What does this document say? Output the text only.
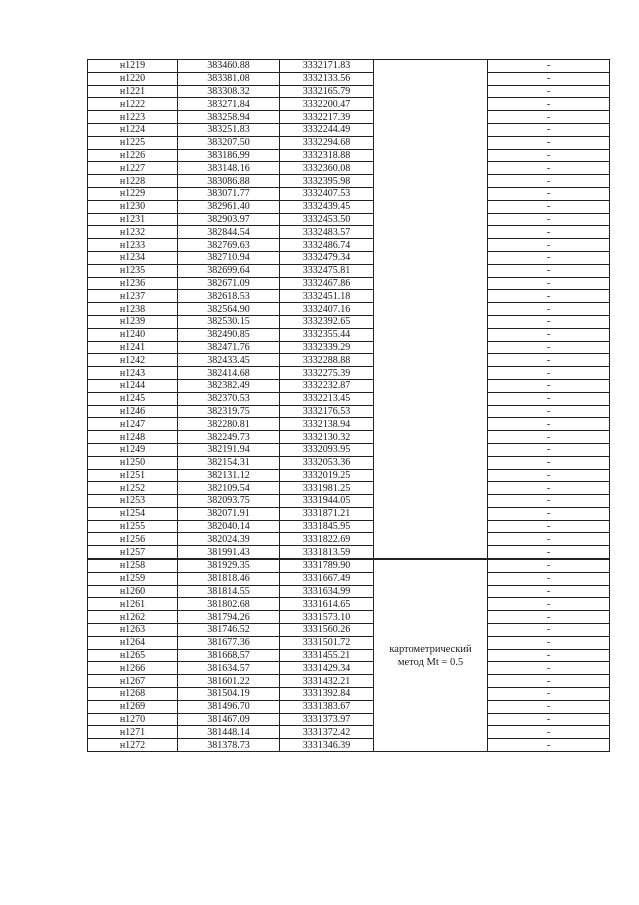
н1219	383460.88	3332171.83		-
н1220	383381.08	3332133.56		-
н1221	383308.32	3332165.79		-
н1222	383271.84	3332200.47		-
н1223	383258.94	3332217.39		-
н1224	383251.83	3332244.49		-
н1225	383207.50	3332294.68		-
н1226	383186.99	3332318.88		-
н1227	383148.16	3332360.08		-
н1228	383086.88	3332395.98		-
н1229	383071.77	3332407.53		-
н1230	382961.40	3332439.45		-
н1231	382903.97	3332453.50		-
н1232	382844.54	3332483.57		-
н1233	382769.63	3332486.74		-
н1234	382710.94	3332479.34		-
н1235	382699.64	3332475.81		-
н1236	382671.09	3332467.86		-
н1237	382618.53	3332451.18		-
н1238	382564.90	3332407.16		-
н1239	382530.15	3332392.65		-
н1240	382490.85	3332355.44		-
н1241	382471.76	3332339.29		-
н1242	382433.45	3332288.88		-
н1243	382414.68	3332275.39		-
н1244	382382.49	3332232.87		-
н1245	382370.53	3332213.45		-
н1246	382319.75	3332176.53		-
н1247	382280.81	3332138.94		-
н1248	382249.73	3332130.32		-
н1249	382191.94	3332093.95		-
н1250	382154.31	3332053.36		-
н1251	382131.12	3332019.25		-
н1252	382109.54	3331981.25		-
н1253	382093.75	3331944.05		-
н1254	382071.91	3331871.21		-
н1255	382040.14	3331845.95		-
н1256	382024.39	3331822.69		-
н1257	381991.43	3331813.59		-
н1258	381929.35	3331789.90	картометрический метод Mt = 0.5	-
н1259	381818.46	3331667.49		-
н1260	381814.55	3331634.99		-
н1261	381802.68	3331614.65		-
н1262	381794.26	3331573.10		-
н1263	381746.52	3331560.26		-
н1264	381677.36	3331501.72		-
н1265	381668.57	3331455.21		-
н1266	381634.57	3331429.34		-
н1267	381601.22	3331432.21		-
н1268	381504.19	3331392.84		-
н1269	381496.70	3331383.67		-
н1270	381467.09	3331373.97		-
н1271	381448.14	3331372.42		-
н1272	381378.73	3331346.39		-
